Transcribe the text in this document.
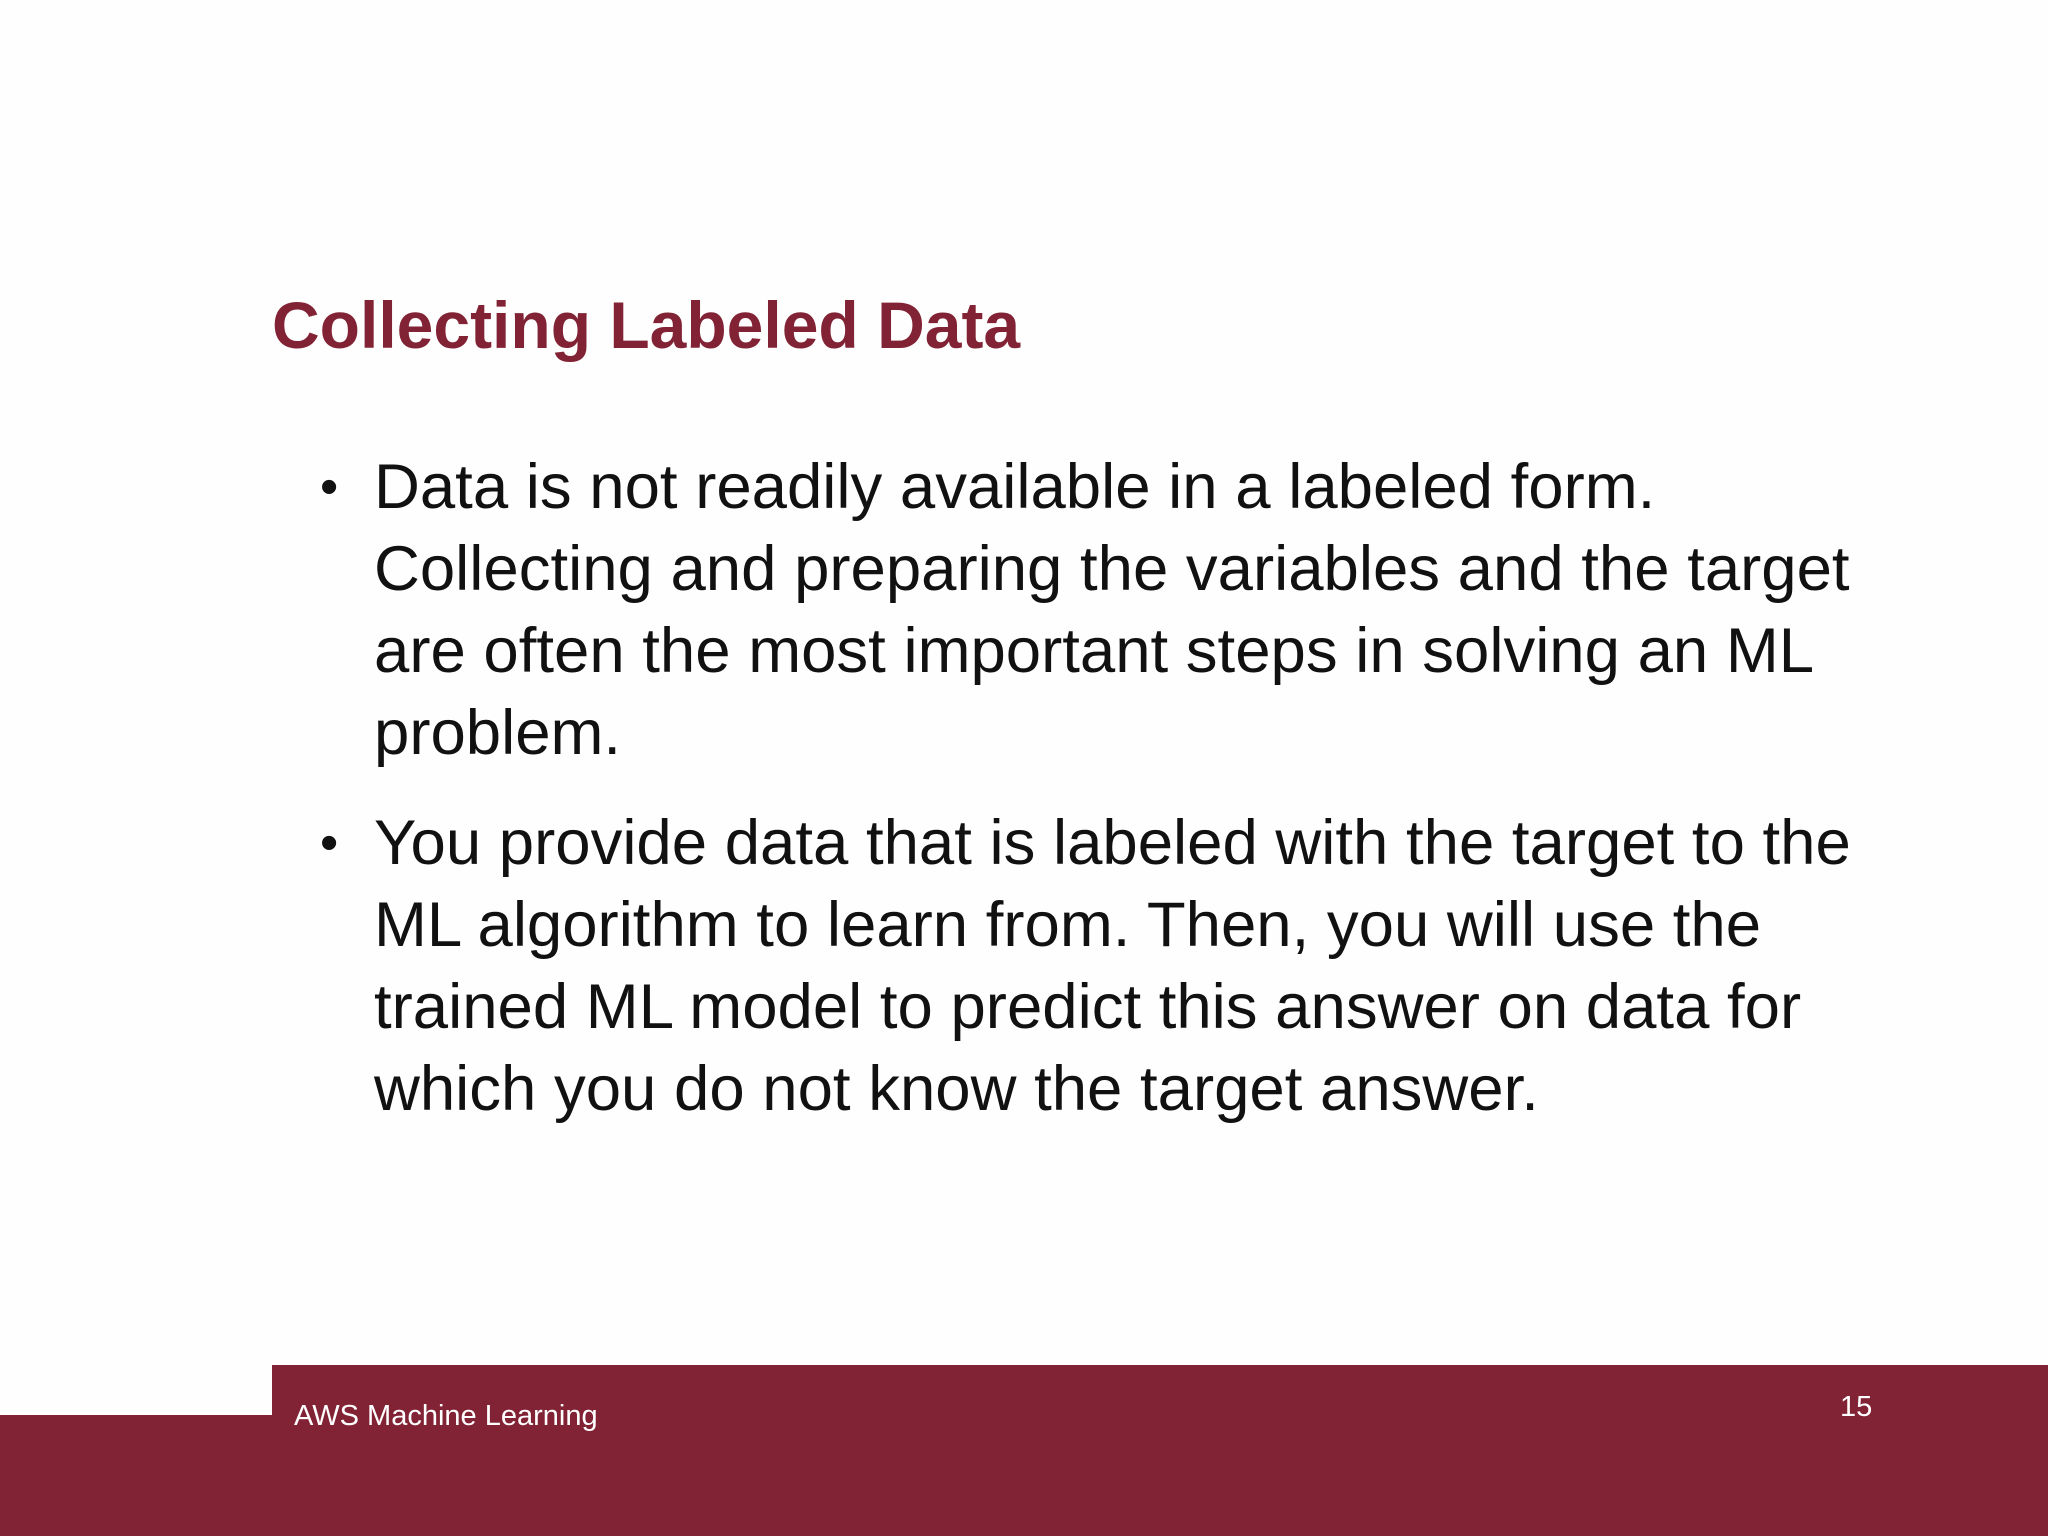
Collecting Labeled Data
• Data is not readily available in a labeled form. Collecting and preparing the variables and the target are often the most important steps in solving an ML problem.
• You provide data that is labeled with the target to the ML algorithm to learn from. Then, you will use the trained ML model to predict this answer on data for which you do not know the target answer.
AWS Machine Learning	15
